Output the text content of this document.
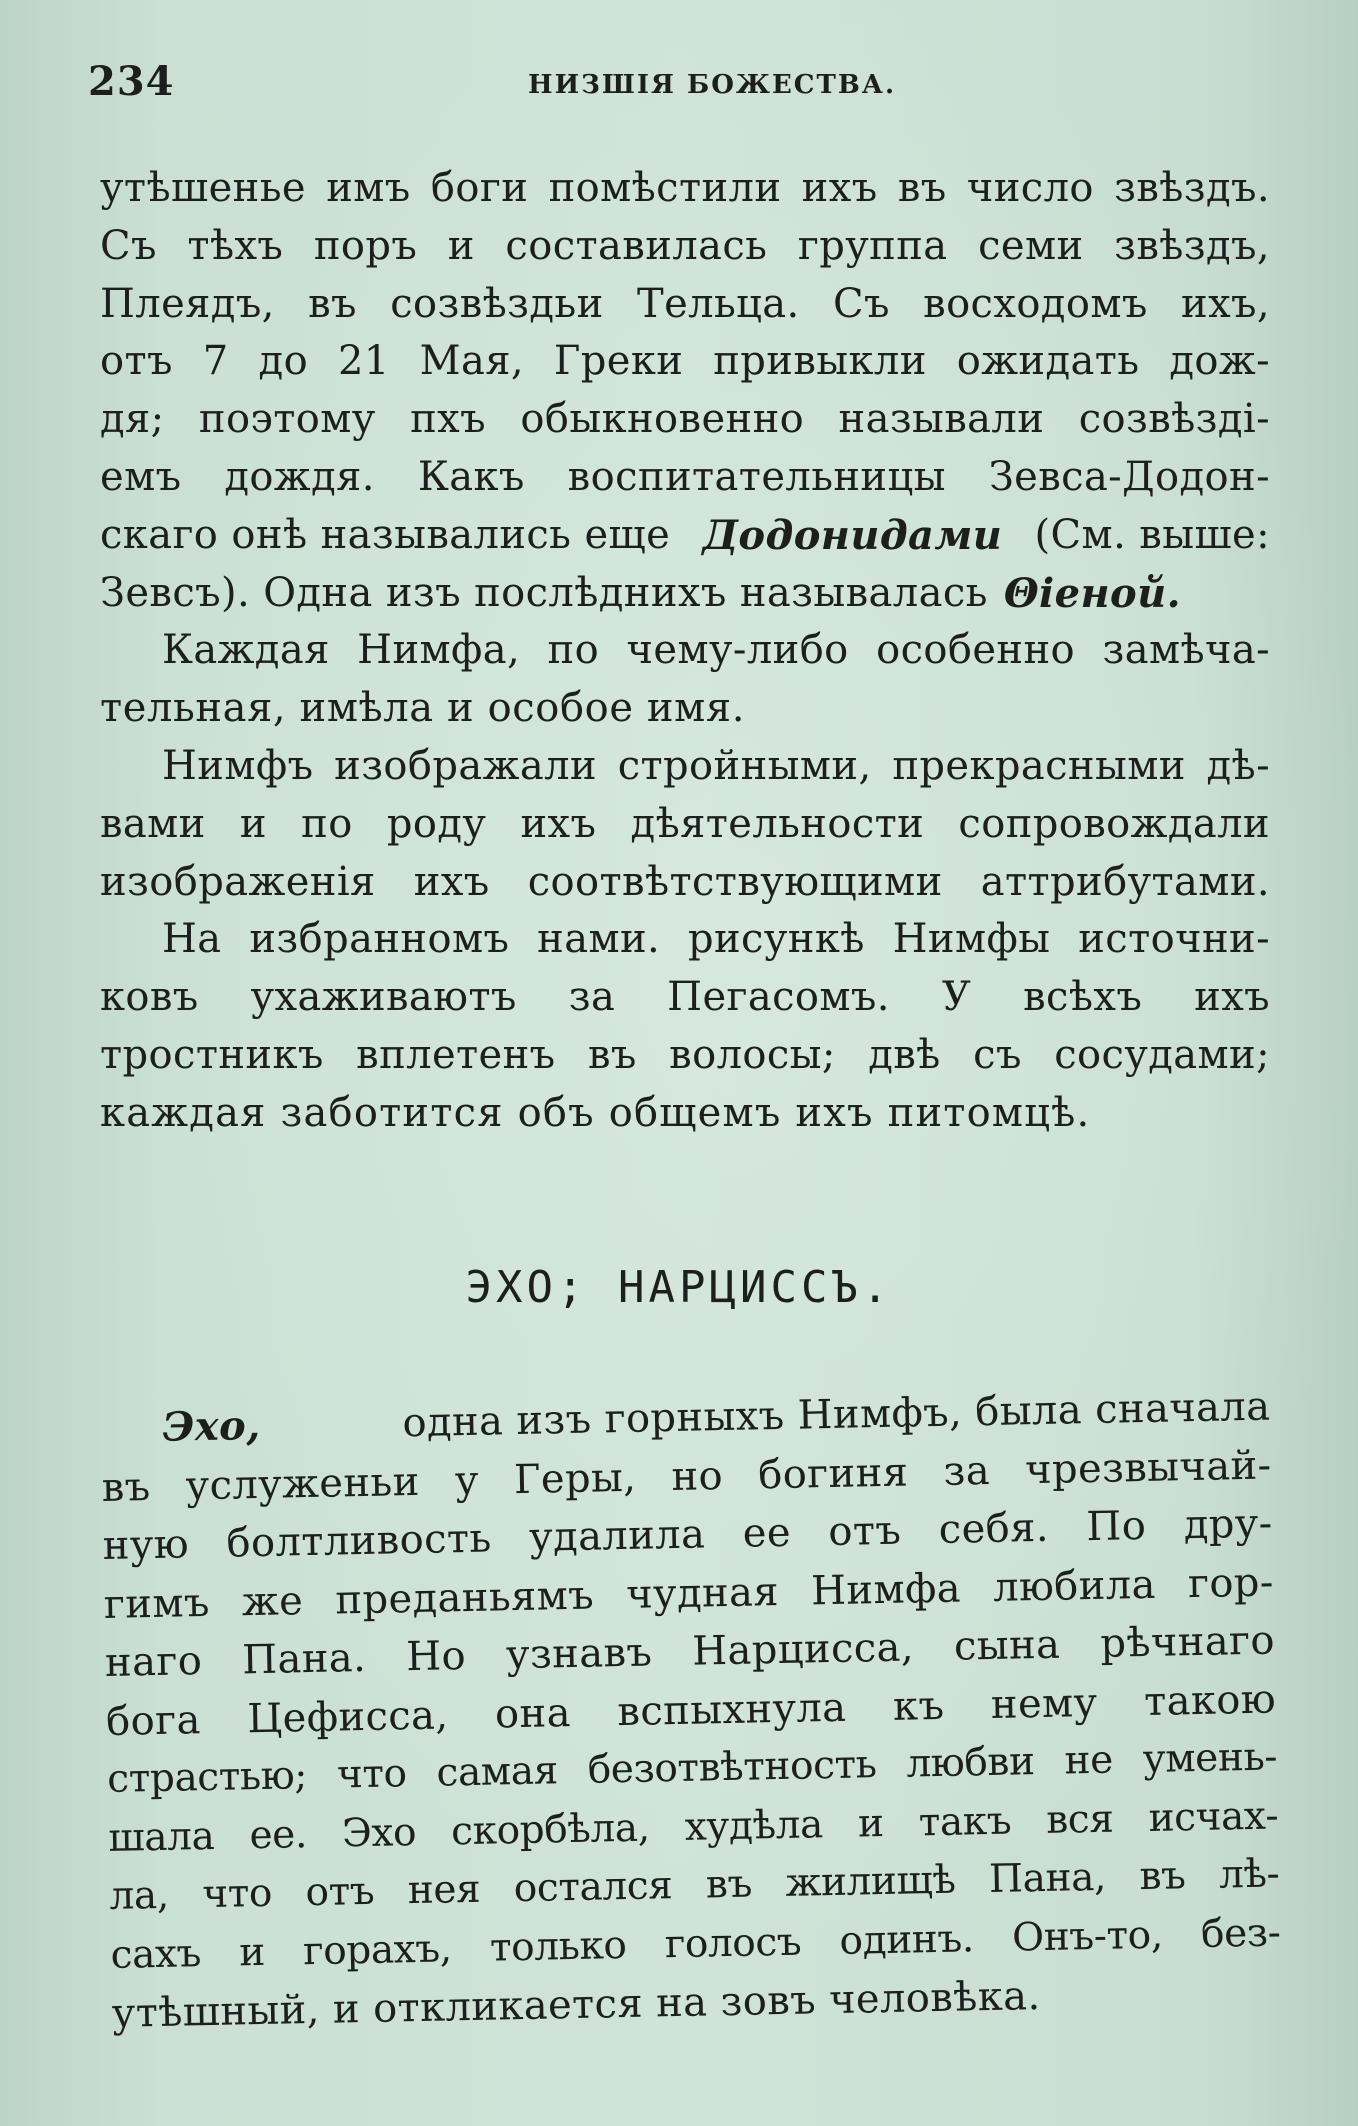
234	НИЗШІЯ БОЖЕСТВА.
утѣшенье имъ боги помѣстили ихъ въ число звѣздъ.
Съ тѣхъ поръ и составилась группа семи звѣздъ,
Плеядъ, въ созвѣздьи Тельца. Съ восходомъ ихъ,
отъ 7 до 21 Мая, Греки привыкли ожидать дож-
дя; поэтому пхъ обыкновенно называли созвѣздi-
емъ дождя. Какъ воспитательницы Зевса-Додон-
скаго онѣ назывались еще Додонидами (См. выше:
Зевсъ). Одна изъ послѣднихъ называлась Θiеной.
Каждая Нимфа, по чему-либо особенно замѣча-
тельная, имѣла и особое имя.
Нимфъ изображали стройными, прекрасными дѣ-
вами и по роду ихъ дѣятельности сопровождали
изображенiя ихъ соотвѣтствующими аттрибутами.
На избранномъ нами. рисункѣ Нимфы источни-
ковъ ухаживаютъ за Пегасомъ. У всѣхъ ихъ
тростникъ вплетенъ въ волосы; двѣ съ сосудами;
каждая заботится объ общемъ ихъ питомцѣ.
ЭХО; НАРЦИССЪ.
Эхо,	одна изъ горныхъ Нимфъ, была сначала
въ услуженьи у Геры, но богиня за чрезвычай-
ную болтливость удалила ее отъ себя. По дру-
гимъ же преданьямъ чудная Нимфа любила гор-
наго Пана. Но узнавъ Нарцисса, сына рѣчнаго
бога Цефисса, она вспыхнула къ нему такою
страстью; что самая безотвѣтность любви не умень-
шала ее. Эхо скорбѣла, худѣла и такъ вся исчах-
ла, что отъ нея остался въ жилищѣ Пана, въ лѣ-
сахъ и горахъ, только голосъ одинъ. Онъ-то, без-
утѣшный, и откликается на зовъ человѣка.
